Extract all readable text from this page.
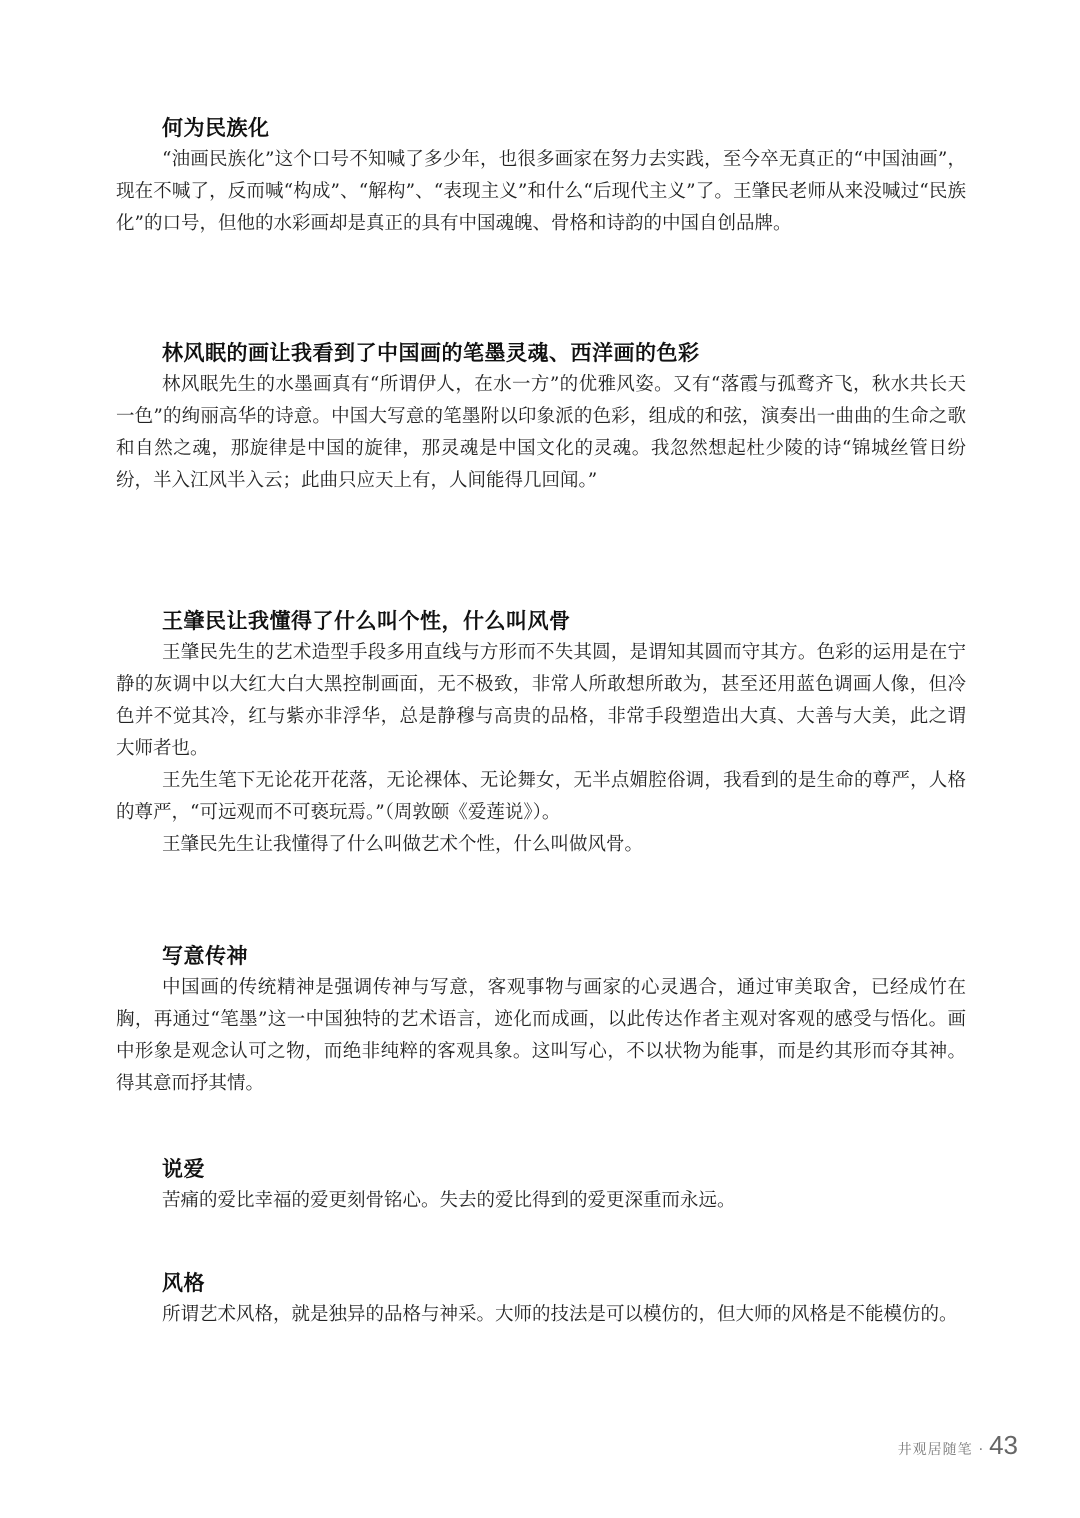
何为民族化

“油画民族化”这个口号不知喊了多少年，也很多画家在努力去实践，至今卒无真正的“中国油画”，现在不喊了，反而喊“构成”、“解构”、“表现主义”和什么“后现代主义”了。王肇民老师从来没喊过“民族化”的口号，但他的水彩画却是真正的具有中国魂魄、骨格和诗韵的中国自创品牌。

林风眠的画让我看到了中国画的笔墨灵魂、西洋画的色彩

林风眠先生的水墨画真有“所谓伊人，在水一方”的优雅风姿。又有“落霞与孤鹜齐飞，秋水共长天一色”的绚丽高华的诗意。中国大写意的笔墨附以印象派的色彩，组成的和弦，演奏出一曲曲的生命之歌和自然之魂，那旋律是中国的旋律，那灵魂是中国文化的灵魂。我忽然想起杜少陵的诗“锦城丝管日纷纷，半入江风半入云；此曲只应天上有，人间能得几回闻。”

王肇民让我懂得了什么叫个性，什么叫风骨

王肇民先生的艺术造型手段多用直线与方形而不失其圆，是谓知其圆而守其方。色彩的运用是在宁静的灰调中以大红大白大黑控制画面，无不极致，非常人所敢想所敢为，甚至还用蓝色调画人像，但冷色并不觉其冷，红与紫亦非浮华，总是静穆与高贵的品格，非常手段塑造出大真、大善与大美，此之谓大师者也。

王先生笔下无论花开花落，无论裸体、无论舞女，无半点媚腔俗调，我看到的是生命的尊严，人格的尊严，“可远观而不可亵玩焉。”（周敦颐《爱莲说》）。

王肇民先生让我懂得了什么叫做艺术个性，什么叫做风骨。

写意传神

中国画的传统精神是强调传神与写意，客观事物与画家的心灵遇合，通过审美取舍，已经成竹在胸，再通过“笔墨”这一中国独特的艺术语言，迹化而成画，以此传达作者主观对客观的感受与悟化。画中形象是观念认可之物，而绝非纯粹的客观具象。这叫写心，不以状物为能事，而是约其形而夺其神。得其意而抒其情。

说爱

苦痛的爱比幸福的爱更刻骨铭心。失去的爱比得到的爱更深重而永远。

风格

所谓艺术风格，就是独异的品格与神采。大师的技法是可以模仿的，但大师的风格是不能模仿的。

井观居随笔 · 43
